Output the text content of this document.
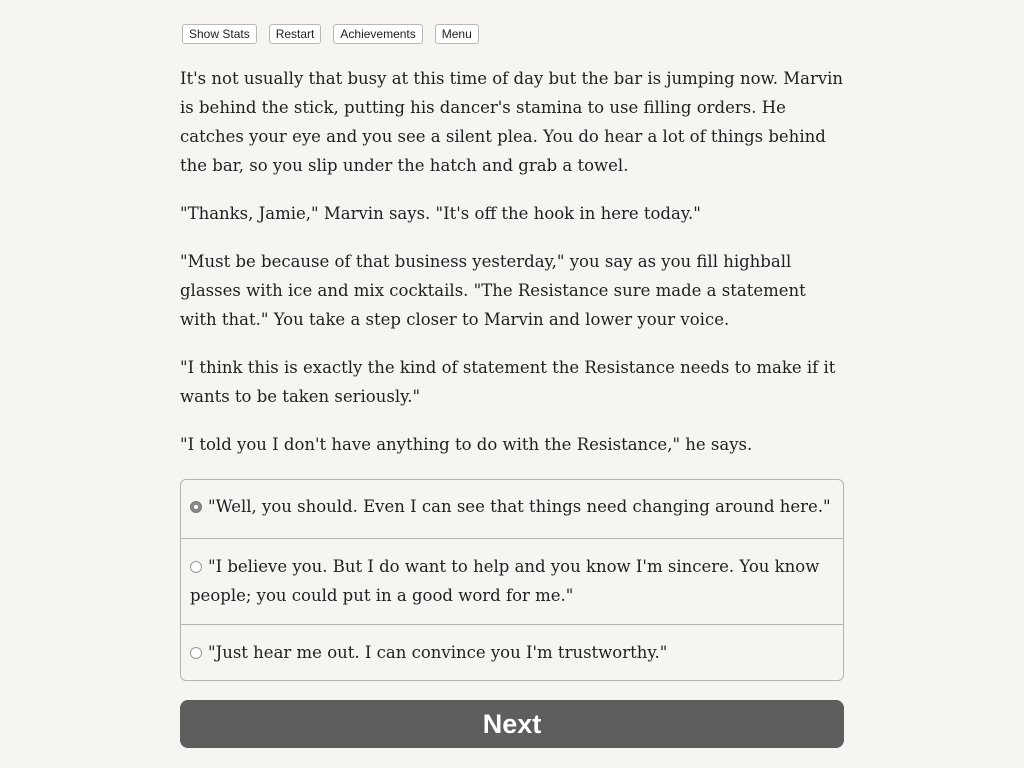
Show Stats	Restart	Achievements	Menu

It's not usually that busy at this time of day but the bar is jumping now. Marvin is behind the stick, putting his dancer's stamina to use filling orders. He catches your eye and you see a silent plea. You do hear a lot of things behind the bar, so you slip under the hatch and grab a towel.

"Thanks, Jamie," Marvin says. "It's off the hook in here today."

"Must be because of that business yesterday," you say as you fill highball glasses with ice and mix cocktails. "The Resistance sure made a statement with that." You take a step closer to Marvin and lower your voice.

"I think this is exactly the kind of statement the Resistance needs to make if it wants to be taken seriously."

"I told you I don't have anything to do with the Resistance," he says.

"Well, you should. Even I can see that things need changing around here."
"I believe you. But I do want to help and you know I'm sincere. You know people; you could put in a good word for me."
"Just hear me out. I can convince you I'm trustworthy."
Next
